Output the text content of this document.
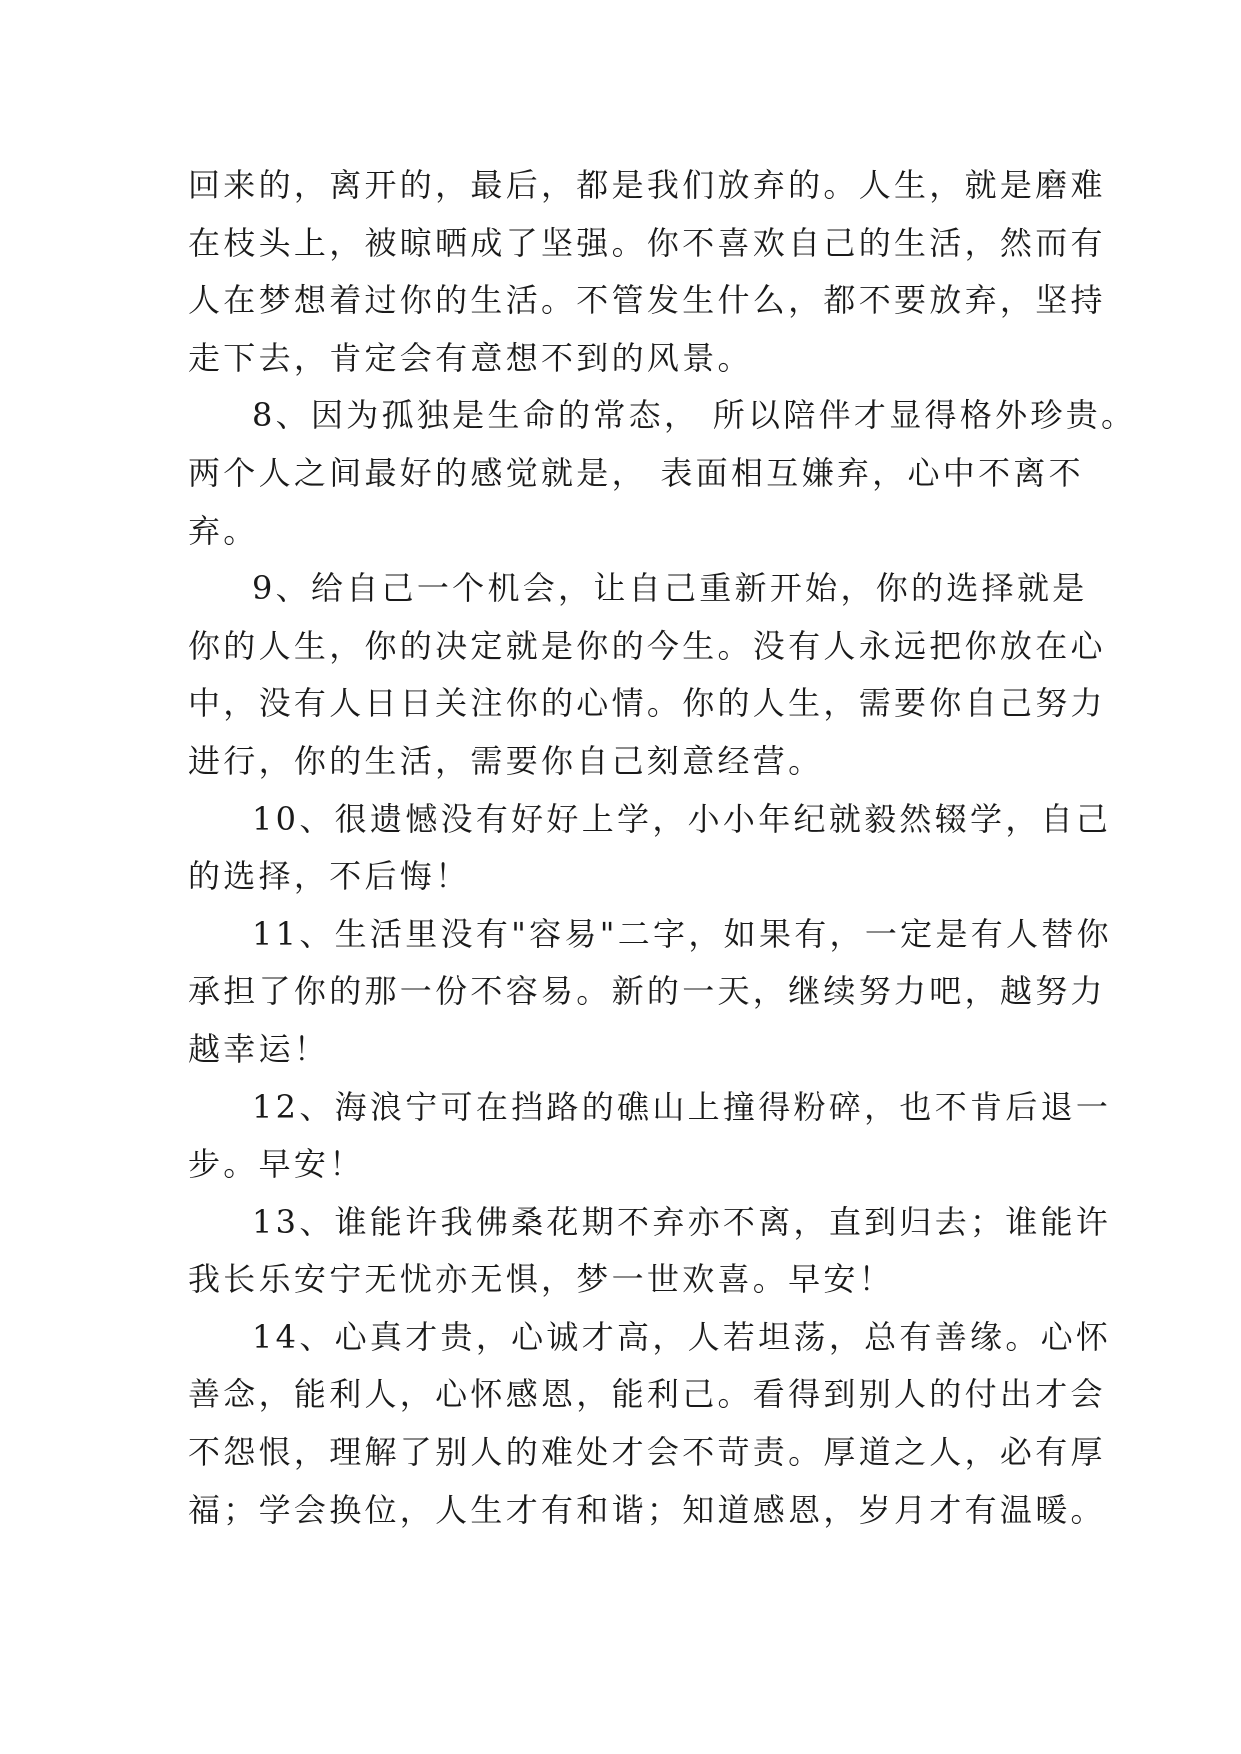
回来的，离开的，最后，都是我们放弃的。人生，就是磨难
在枝头上，被晾晒成了坚强。你不喜欢自己的生活，然而有
人在梦想着过你的生活。不管发生什么，都不要放弃，坚持
走下去，肯定会有意想不到的风景。
8、因为孤独是生命的常态， 所以陪伴才显得格外珍贵。
两个人之间最好的感觉就是， 表面相互嫌弃，心中不离不
弃。
9、给自己一个机会，让自己重新开始，你的选择就是
你的人生，你的决定就是你的今生。没有人永远把你放在心
中，没有人日日关注你的心情。你的人生，需要你自己努力
进行，你的生活，需要你自己刻意经营。
10、很遗憾没有好好上学，小小年纪就毅然辍学，自己
的选择，不后悔！
11、生活里没有"容易"二字，如果有，一定是有人替你
承担了你的那一份不容易。新的一天，继续努力吧，越努力
越幸运！
12、海浪宁可在挡路的礁山上撞得粉碎，也不肯后退一
步。早安！
13、谁能许我佛桑花期不弃亦不离，直到归去；谁能许
我长乐安宁无忧亦无惧，梦一世欢喜。早安！
14、心真才贵，心诚才高，人若坦荡，总有善缘。心怀
善念，能利人，心怀感恩，能利己。看得到别人的付出才会
不怨恨，理解了别人的难处才会不苛责。厚道之人，必有厚
福；学会换位，人生才有和谐；知道感恩，岁月才有温暖。
